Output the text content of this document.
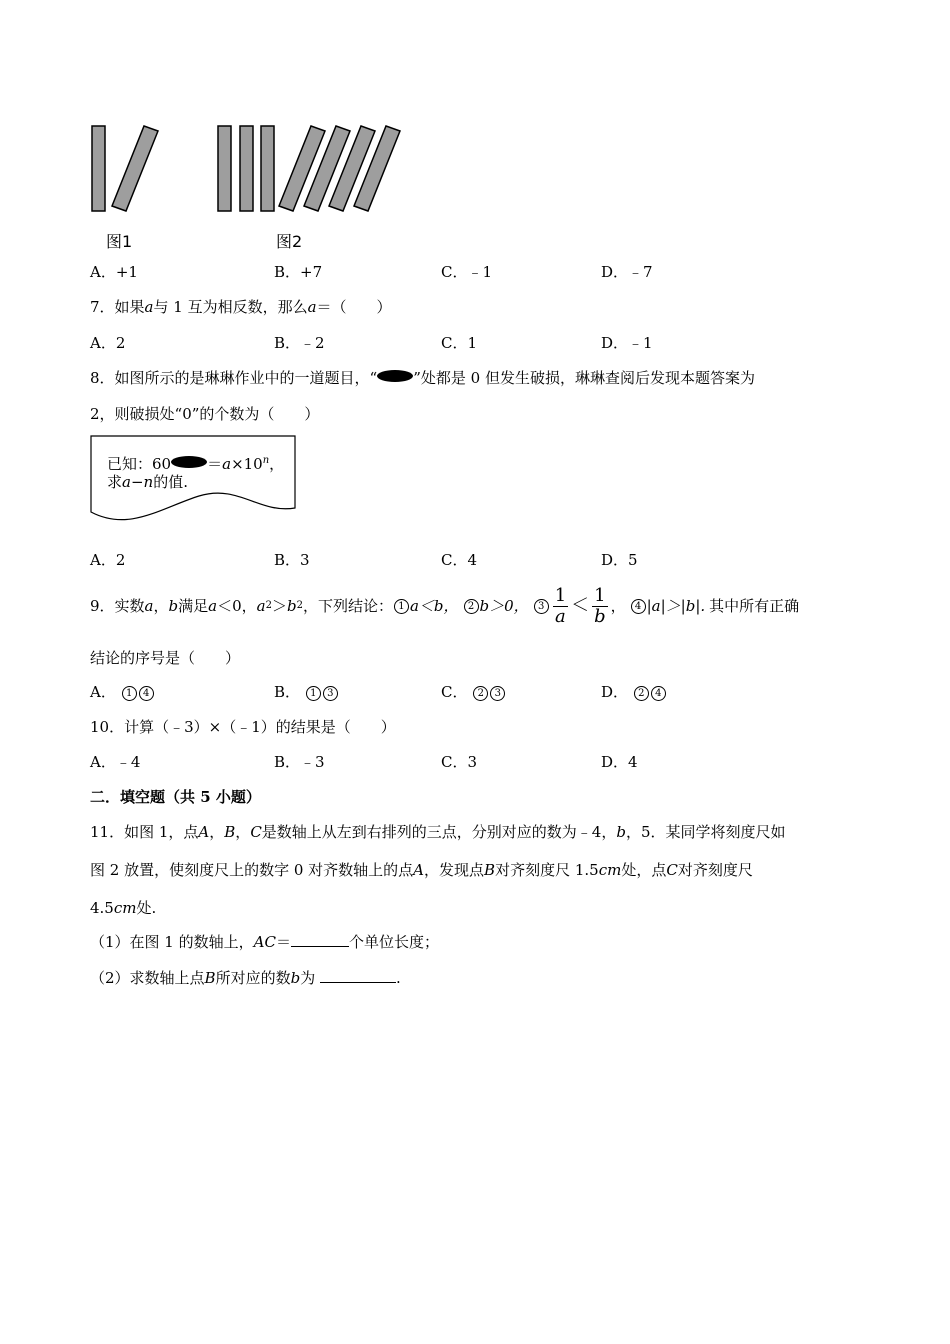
图1	图2
A．+1	B．+7	C．﹣1	D．﹣7
7．如果a与 1 互为相反数，那么a＝（　　）
A．2	B．﹣2	C．1	D．﹣1
8．如图所示的是琳琳作业中的一道题目，“ ”处都是 0 但发生破损，琳琳查阅后发现本题答案为
2，则破损处“0”的个数为（　　）
已知：$60 =a\times 10^n$，
求a−n的值.
A．2	B．3	C．4	D．5
9．实数 a ， b 满足 a ＜0， a 2 ＞ b 2 ，下列结论： 1 a＜b， 2 b＞0， $3 \frac{1}{a} < \frac{1}{b}$ ， 4 |a|＞|b|. 其中所有正确
结论的序号是（　　）
A． 1 4	B． 1 3	C． 2 3	D． 2 4
10．计算（﹣3）×（﹣1）的结果是（　　）
A．﹣4	B．﹣3	C．3	D．4
二．填空题（共 5 小题）
11．如图 1，点A，B，C是数轴上从左到右排列的三点，分别对应的数为﹣4，b，5．某同学将刻度尺如
图 2 放置，使刻度尺上的数字 0 对齐数轴上的点A，发现点B对齐刻度尺 1.5cm处，点C对齐刻度尺
4.5cm处.
（1）在图 1 的数轴上，AC＝	个单位长度；
（2）求数轴上点B所对应的数b为	.
